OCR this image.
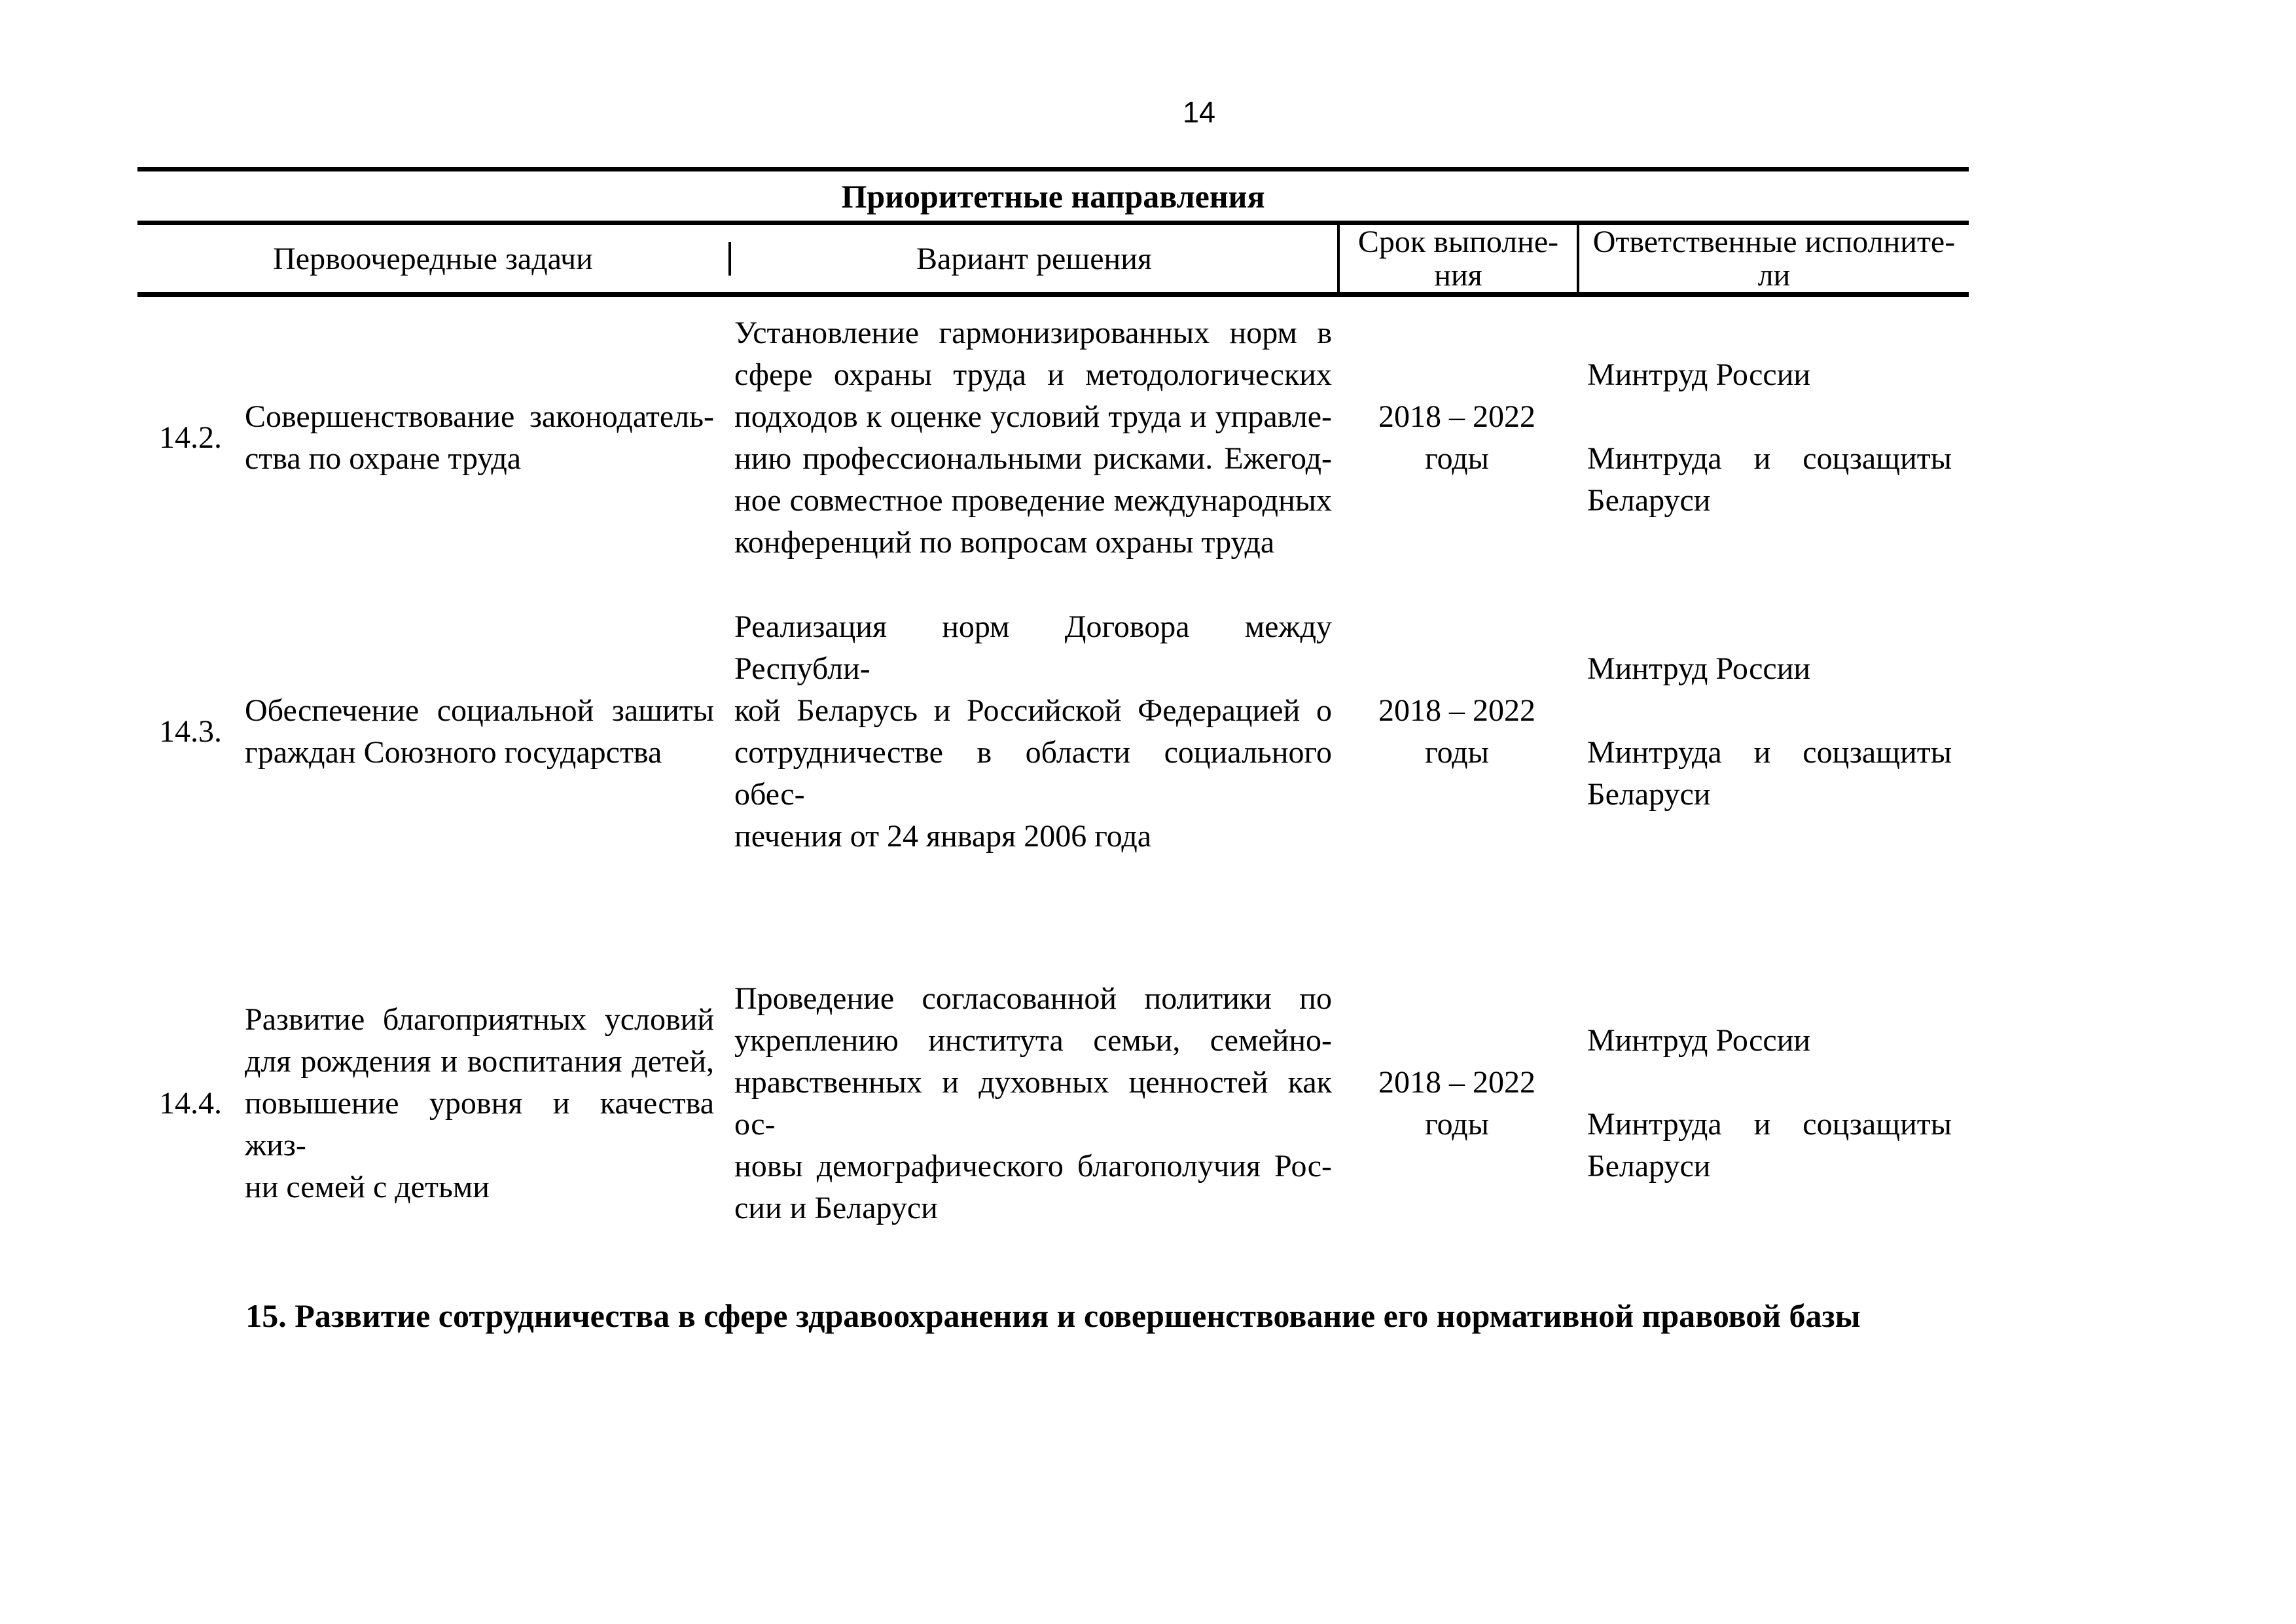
14
Приоритетные направления
Первоочередные задачи	Вариант решения	Срок выполне-
ния
Ответственные исполните-
ли
14.2.
Совершенствование законодатель-
ства по охране труда
Установление гармонизированных норм в
сфере охраны труда и методологических
подходов к оценке условий труда и управле-
нию профессиональными рисками. Ежегод-
ное совместное проведение международных
конференций по вопросам охраны труда
2018 – 2022
годы
Минтруд России
Минтруда и соцзащиты
Беларуси
14.3.
Обеспечение социальной зашиты
граждан Союзного государства
Реализация норм Договора между Республи-
кой Беларусь и Российской Федерацией о
сотрудничестве в области социального обес-
печения от 24 января 2006 года
2018 – 2022
годы
Минтруд России
Минтруда и соцзащиты
Беларуси
14.4.
Развитие благоприятных условий
для рождения и воспитания детей,
повышение уровня и качества жиз-
ни семей с детьми
Проведение согласованной политики по
укреплению института семьи, семейно-
нравственных и духовных ценностей как ос-
новы демографического благополучия Рос-
сии и Беларуси
2018 – 2022
годы
Минтруд России
Минтруда и соцзащиты
Беларуси
15. Развитие сотрудничества в сфере здравоохранения и совершенствование его нормативной правовой базы
